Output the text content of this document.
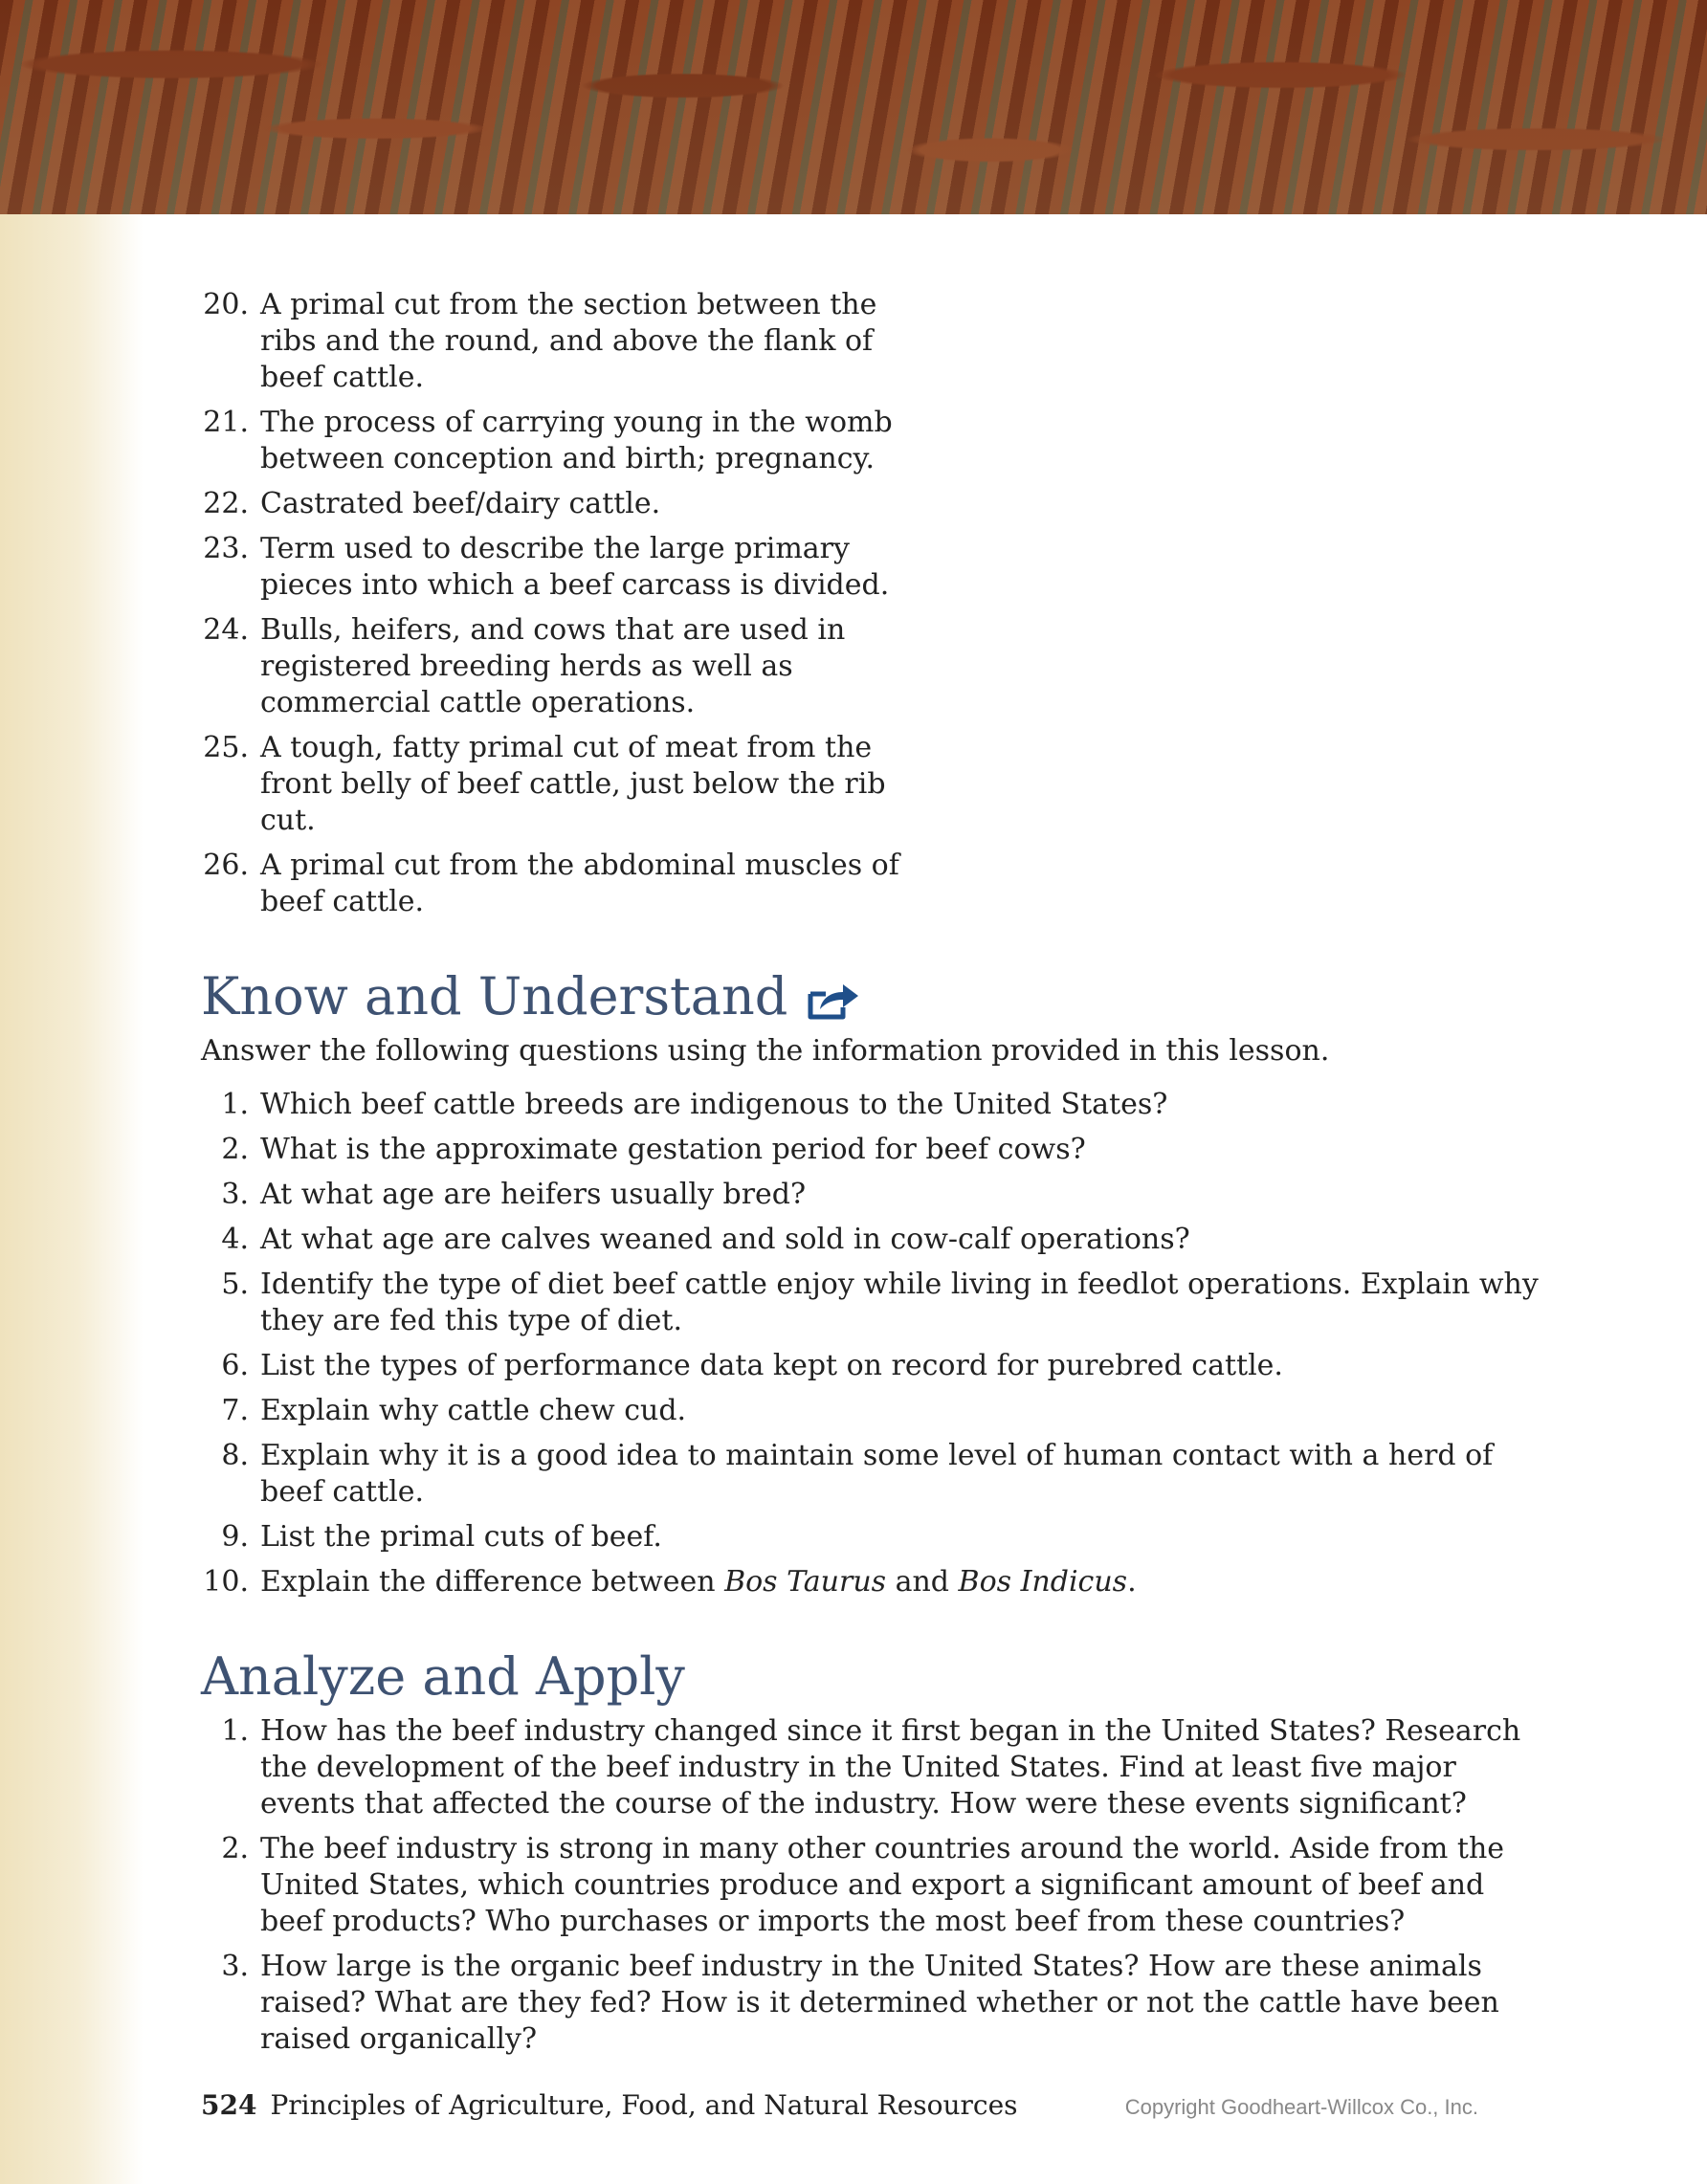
20. A primal cut from the section between the ribs and the round, and above the flank of beef cattle.
21. The process of carrying young in the womb between conception and birth; pregnancy.
22. Castrated beef/dairy cattle.
23. Term used to describe the large primary pieces into which a beef carcass is divided.
24. Bulls, heifers, and cows that are used in registered breeding herds as well as commercial cattle operations.
25. A tough, fatty primal cut of meat from the front belly of beef cattle, just below the rib cut.
26. A primal cut from the abdominal muscles of beef cattle.
Know and Understand

Answer the following questions using the information provided in this lesson.

1. Which beef cattle breeds are indigenous to the United States?
2. What is the approximate gestation period for beef cows?
3. At what age are heifers usually bred?
4. At what age are calves weaned and sold in cow-calf operations?
5. Identify the type of diet beef cattle enjoy while living in feedlot operations. Explain why they are fed this type of diet.
6. List the types of performance data kept on record for purebred cattle.
7. Explain why cattle chew cud.
8. Explain why it is a good idea to maintain some level of human contact with a herd of beef cattle.
9. List the primal cuts of beef.
10. Explain the difference between Bos Taurus and Bos Indicus.
Analyze and Apply
1. How has the beef industry changed since it first began in the United States? Research the development of the beef industry in the United States. Find at least five major events that affected the course of the industry. How were these events significant?
2. The beef industry is strong in many other countries around the world. Aside from the United States, which countries produce and export a significant amount of beef and beef products? Who purchases or imports the most beef from these countries?
3. How large is the organic beef industry in the United States? How are these animals raised? What are they fed? How is it determined whether or not the cattle have been raised organically?
524 Principles of Agriculture, Food, and Natural Resources	Copyright Goodheart-Willcox Co., Inc.
